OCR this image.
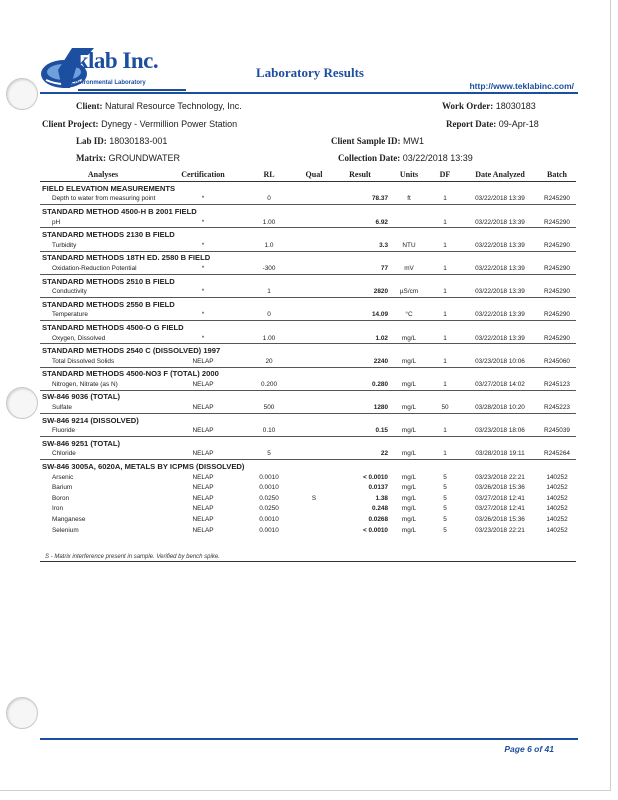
eklab Inc.
Environmental Laboratory
Laboratory Results
http://www.teklabinc.com/
Client: Natural Resource Technology, Inc.
Client Project: Dynegy - Vermillion Power Station
Lab ID: 18030183-001
Matrix: GROUNDWATER
Work Order: 18030183
Report Date: 09-Apr-18
Client Sample ID: MW1
Collection Date: 03/22/2018 13:39
Analyses	Certification	RL	Qual	Result	Units	DF	Date Analyzed	Batch
FIELD ELEVATION MEASUREMENTS								
Depth to water from measuring point	*	0		78.37	ft	1	03/22/2018 13:39	R245290
STANDARD METHOD 4500-H B 2001 FIELD								
pH	*	1.00		6.92		1	03/22/2018 13:39	R245290
STANDARD METHODS 2130 B FIELD								
Turbidity	*	1.0		3.3	NTU	1	03/22/2018 13:39	R245290
STANDARD METHODS 18TH ED. 2580 B FIELD								
Oxidation-Reduction Potential	*	-300		77	mV	1	03/22/2018 13:39	R245290
STANDARD METHODS 2510 B FIELD								
Conductivity	*	1		2820	µS/cm	1	03/22/2018 13:39	R245290
STANDARD METHODS 2550 B FIELD								
Temperature	*	0		14.09	°C	1	03/22/2018 13:39	R245290
STANDARD METHODS 4500-O G FIELD								
Oxygen, Dissolved	*	1.00		1.02	mg/L	1	03/22/2018 13:39	R245290
STANDARD METHODS 2540 C (DISSOLVED) 1997								
Total Dissolved Solids	NELAP	20		2240	mg/L	1	03/23/2018 10:06	R245060
STANDARD METHODS 4500-NO3 F (TOTAL) 2000								
Nitrogen, Nitrate (as N)	NELAP	0.200		0.280	mg/L	1	03/27/2018 14:02	R245123
SW-846 9036 (TOTAL)								
Sulfate	NELAP	500		1280	mg/L	50	03/28/2018 10:20	R245223
SW-846 9214 (DISSOLVED)								
Fluoride	NELAP	0.10		0.15	mg/L	1	03/23/2018 18:06	R245039
SW-846 9251 (TOTAL)								
Chloride	NELAP	5		22	mg/L	1	03/28/2018 19:11	R245264
SW-846 3005A, 6020A, METALS BY ICPMS (DISSOLVED)								
Arsenic	NELAP	0.0010		< 0.0010	mg/L	5	03/23/2018 22:21	140252
Barium	NELAP	0.0010		0.0137	mg/L	5	03/26/2018 15:36	140252
Boron	NELAP	0.0250	S	1.38	mg/L	5	03/27/2018 12:41	140252
Iron	NELAP	0.0250		0.248	mg/L	5	03/27/2018 12:41	140252
Manganese	NELAP	0.0010		0.0268	mg/L	5	03/26/2018 15:36	140252
Selenium	NELAP	0.0010		< 0.0010	mg/L	5	03/23/2018 22:21	140252
S - Matrix interference present in sample. Verified by bench spike.
Page 6 of 41
